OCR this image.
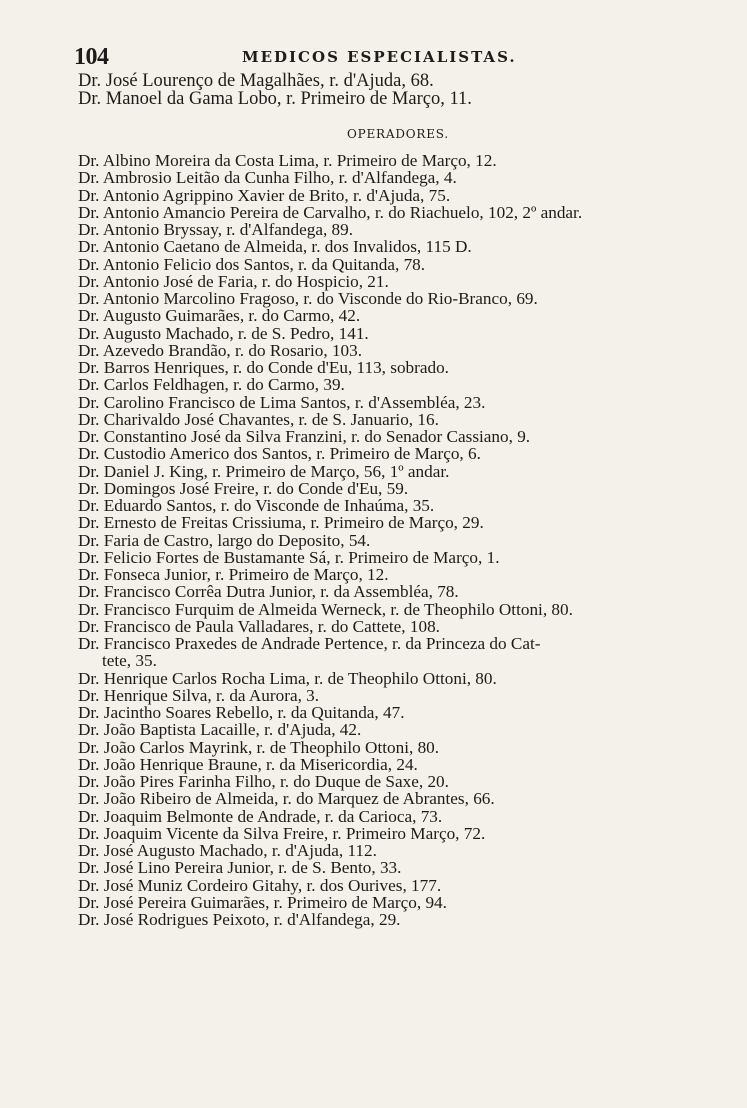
104	MEDICOS ESPECIALISTAS.
Dr. José Lourenço de Magalhães, r. d'Ajuda, 68.
Dr. Manoel da Gama Lobo, r. Primeiro de Março, 11.
OPERADORES.
Dr. Albino Moreira da Costa Lima, r. Primeiro de Março, 12.
Dr. Ambrosio Leitão da Cunha Filho, r. d'Alfandega, 4.
Dr. Antonio Agrippino Xavier de Brito, r. d'Ajuda, 75.
Dr. Antonio Amancio Pereira de Carvalho, r. do Riachuelo, 102, 2º andar.
Dr. Antonio Bryssay, r. d'Alfandega, 89.
Dr. Antonio Caetano de Almeida, r. dos Invalidos, 115 D.
Dr. Antonio Felicio dos Santos, r. da Quitanda, 78.
Dr. Antonio José de Faria, r. do Hospicio, 21.
Dr. Antonio Marcolino Fragoso, r. do Visconde do Rio-Branco, 69.
Dr. Augusto Guimarães, r. do Carmo, 42.
Dr. Augusto Machado, r. de S. Pedro, 141.
Dr. Azevedo Brandão, r. do Rosario, 103.
Dr. Barros Henriques, r. do Conde d'Eu, 113, sobrado.
Dr. Carlos Feldhagen, r. do Carmo, 39.
Dr. Carolino Francisco de Lima Santos, r. d'Assembléa, 23.
Dr. Charivaldo José Chavantes, r. de S. Januario, 16.
Dr. Constantino José da Silva Franzini, r. do Senador Cassiano, 9.
Dr. Custodio Americo dos Santos, r. Primeiro de Março, 6.
Dr. Daniel J. King, r. Primeiro de Março, 56, 1º andar.
Dr. Domingos José Freire, r. do Conde d'Eu, 59.
Dr. Eduardo Santos, r. do Visconde de Inhaúma, 35.
Dr. Ernesto de Freitas Crissiuma, r. Primeiro de Março, 29.
Dr. Faria de Castro, largo do Deposito, 54.
Dr. Felicio Fortes de Bustamante Sá, r. Primeiro de Março, 1.
Dr. Fonseca Junior, r. Primeiro de Março, 12.
Dr. Francisco Corrêa Dutra Junior, r. da Assembléa, 78.
Dr. Francisco Furquim de Almeida Werneck, r. de Theophilo Ottoni, 80.
Dr. Francisco de Paula Valladares, r. do Cattete, 108.
Dr. Francisco Praxedes de Andrade Pertence, r. da Princeza do Cat-
tete, 35.
Dr. Henrique Carlos Rocha Lima, r. de Theophilo Ottoni, 80.
Dr. Henrique Silva, r. da Aurora, 3.
Dr. Jacintho Soares Rebello, r. da Quitanda, 47.
Dr. João Baptista Lacaille, r. d'Ajuda, 42.
Dr. João Carlos Mayrink, r. de Theophilo Ottoni, 80.
Dr. João Henrique Braune, r. da Misericordia, 24.
Dr. João Pires Farinha Filho, r. do Duque de Saxe, 20.
Dr. João Ribeiro de Almeida, r. do Marquez de Abrantes, 66.
Dr. Joaquim Belmonte de Andrade, r. da Carioca, 73.
Dr. Joaquim Vicente da Silva Freire, r. Primeiro Março, 72.
Dr. José Augusto Machado, r. d'Ajuda, 112.
Dr. José Lino Pereira Junior, r. de S. Bento, 33.
Dr. José Muniz Cordeiro Gitahy, r. dos Ourives, 177.
Dr. José Pereira Guimarães, r. Primeiro de Março, 94.
Dr. José Rodrigues Peixoto, r. d'Alfandega, 29.
